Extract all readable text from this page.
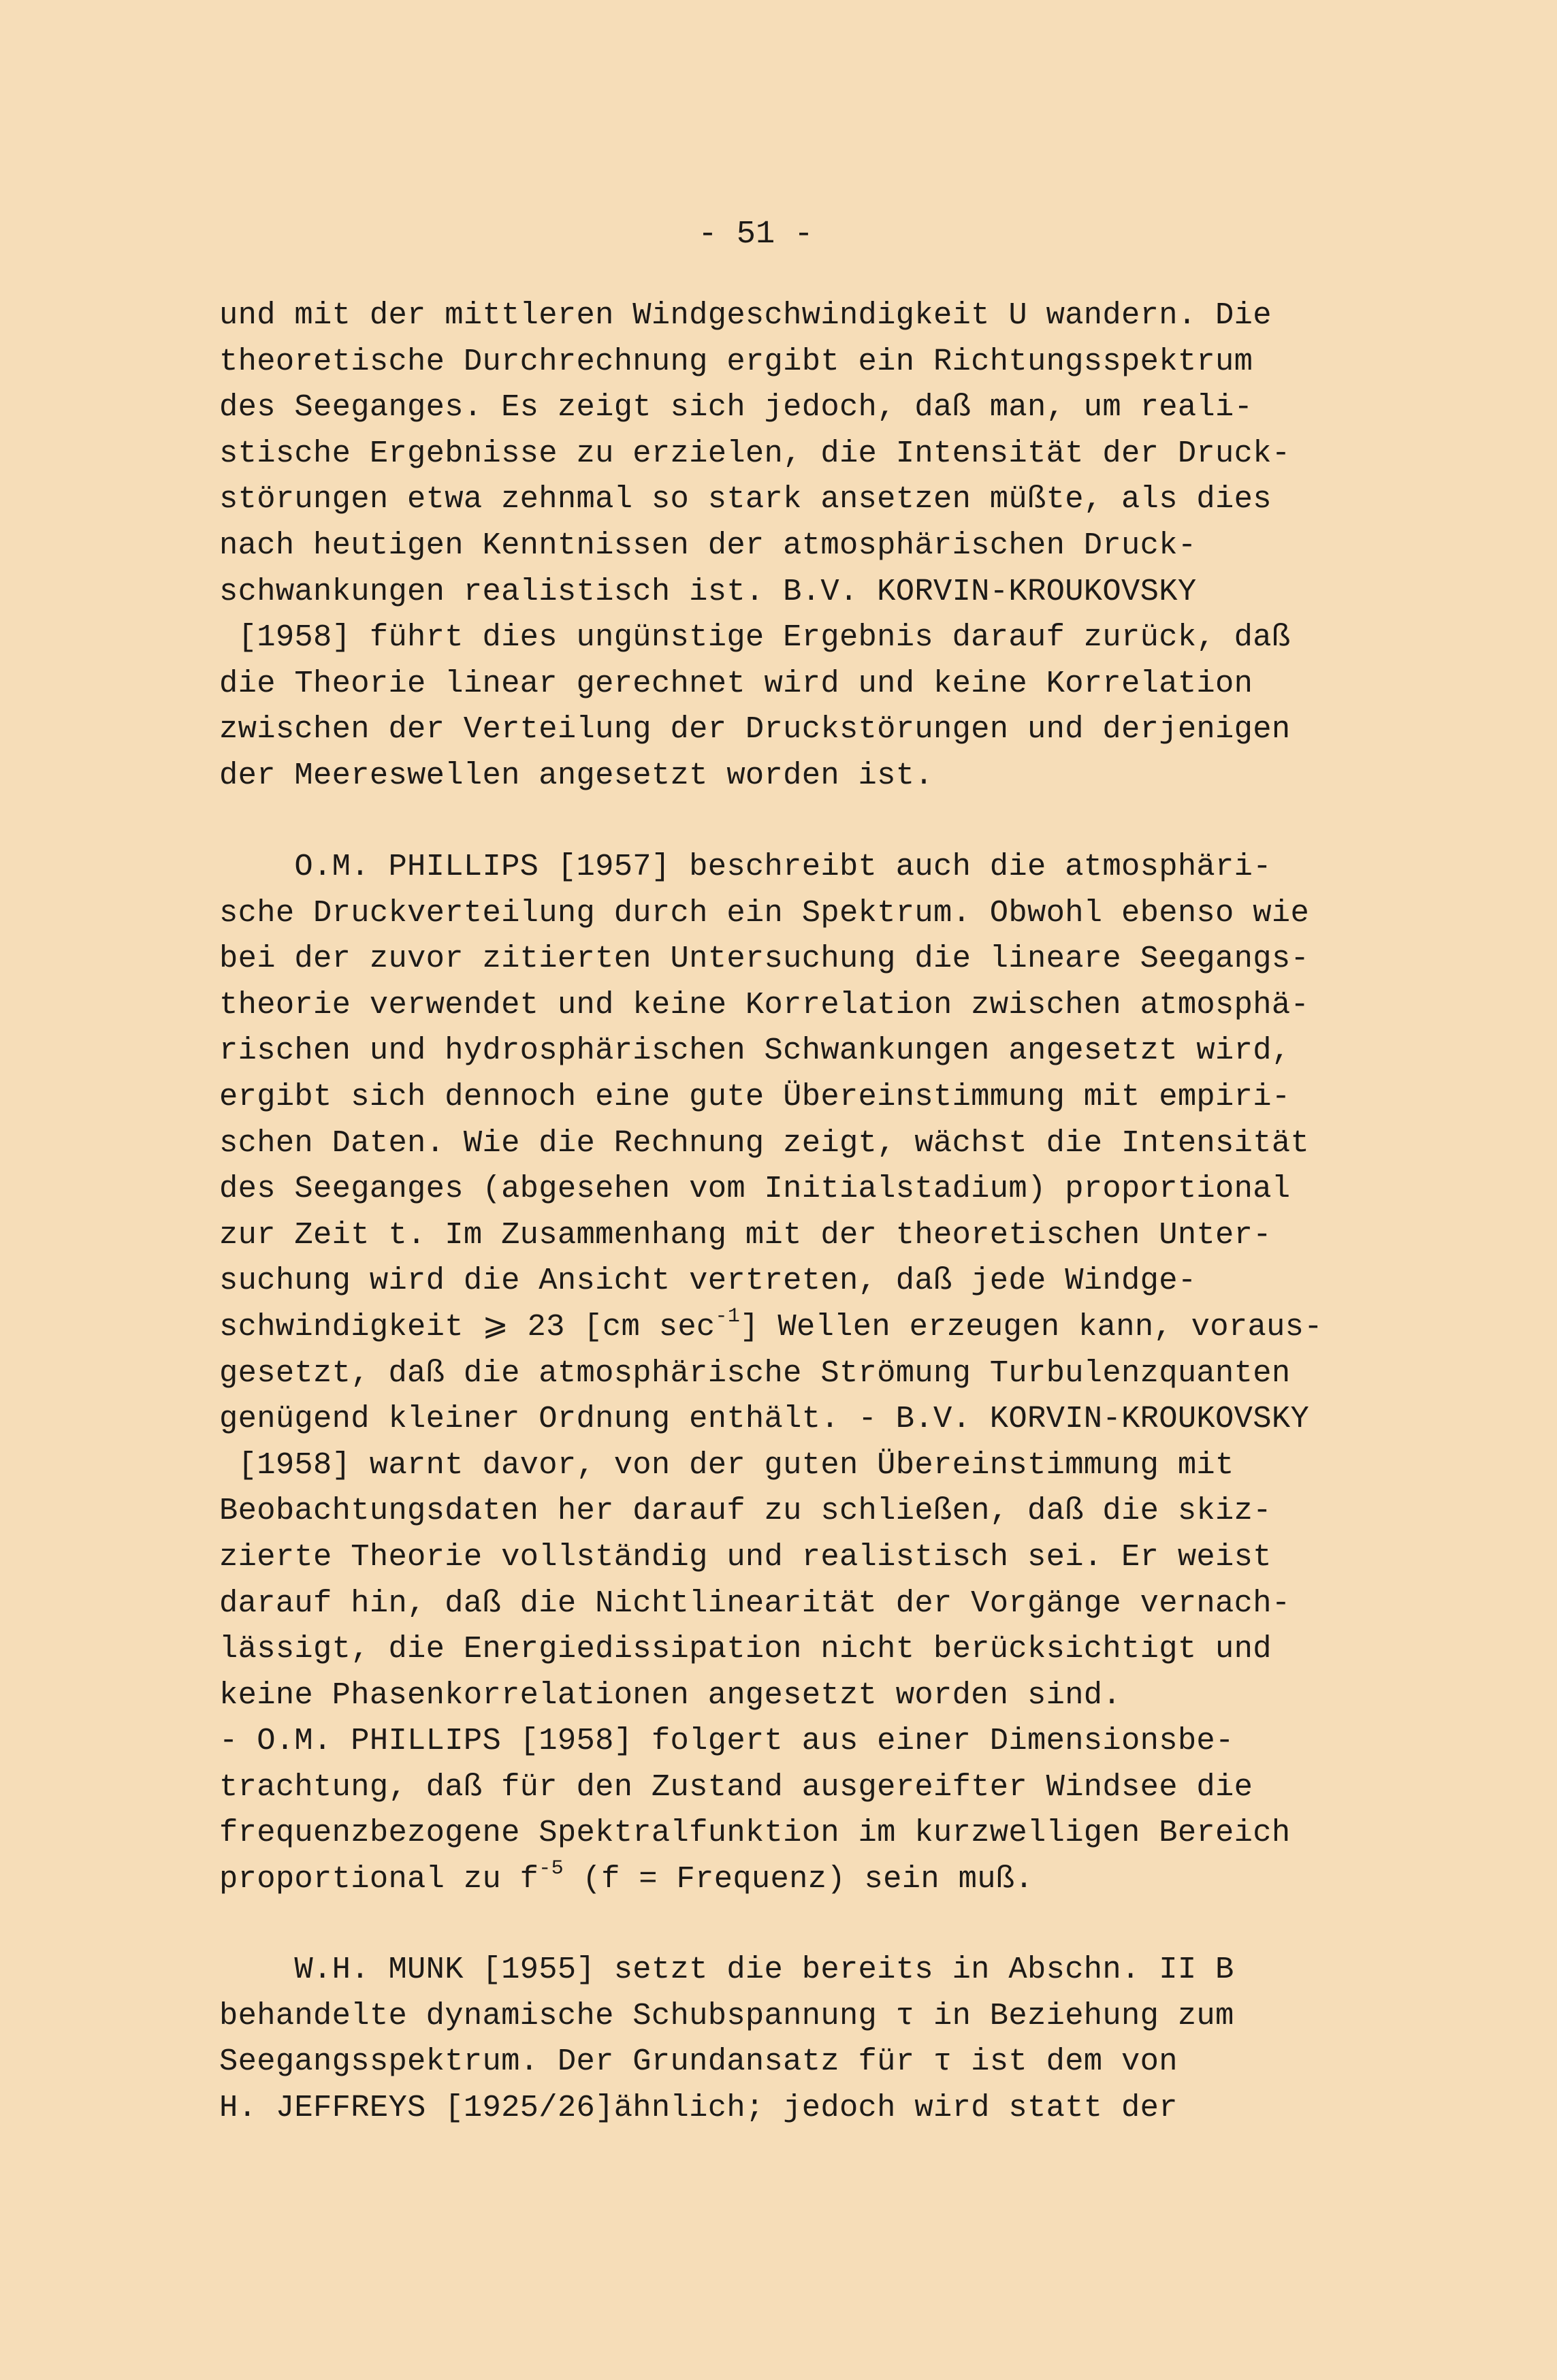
- 51 -
und mit der mittleren Windgeschwindigkeit U wandern. Die
theoretische Durchrechnung ergibt ein Richtungsspektrum
des Seeganges. Es zeigt sich jedoch, daß man, um reali-
stische Ergebnisse zu erzielen, die Intensität der Druck-
störungen etwa zehnmal so stark ansetzen müßte, als dies
nach heutigen Kenntnissen der atmosphärischen Druck-
schwankungen realistisch ist. B.V. KORVIN-KROUKOVSKY
[1958] führt dies ungünstige Ergebnis darauf zurück, daß
die Theorie linear gerechnet wird und keine Korrelation
zwischen der Verteilung der Druckstörungen und derjenigen
der Meereswellen angesetzt worden ist.
O.M. PHILLIPS [1957] beschreibt auch die atmosphäri-
sche Druckverteilung durch ein Spektrum. Obwohl ebenso wie
bei der zuvor zitierten Untersuchung die lineare Seegangs-
theorie verwendet und keine Korrelation zwischen atmosphä-
rischen und hydrosphärischen Schwankungen angesetzt wird,
ergibt sich dennoch eine gute Übereinstimmung mit empiri-
schen Daten. Wie die Rechnung zeigt, wächst die Intensität
des Seeganges (abgesehen vom Initialstadium) proportional
zur Zeit t. Im Zusammenhang mit der theoretischen Unter-
suchung wird die Ansicht vertreten, daß jede Windge-
schwindigkeit ⩾ 23 [cm $\sec^{-1}$] Wellen erzeugen kann, voraus-
gesetzt, daß die atmosphärische Strömung Turbulenzquanten
genügend kleiner Ordnung enthält. - B.V. KORVIN-KROUKOVSKY
[1958] warnt davor, von der guten Übereinstimmung mit
Beobachtungsdaten her darauf zu schließen, daß die skiz-
zierte Theorie vollständig und realistisch sei. Er weist
darauf hin, daß die Nichtlinearität der Vorgänge vernach-
lässigt, die Energiedissipation nicht berücksichtigt und
keine Phasenkorrelationen angesetzt worden sind.
- O.M. PHILLIPS [1958] folgert aus einer Dimensionsbe-
trachtung, daß für den Zustand ausgereifter Windsee die
frequenzbezogene Spektralfunktion im kurzwelligen Bereich
proportional zu $f^{-5}$ (f = Frequenz) sein muß.
W.H. MUNK [1955] setzt die bereits in Abschn. II B
behandelte dynamische Schubspannung τ in Beziehung zum
Seegangsspektrum. Der Grundansatz für τ ist dem von
H. JEFFREYS [1925/26]ähnlich; jedoch wird statt der
